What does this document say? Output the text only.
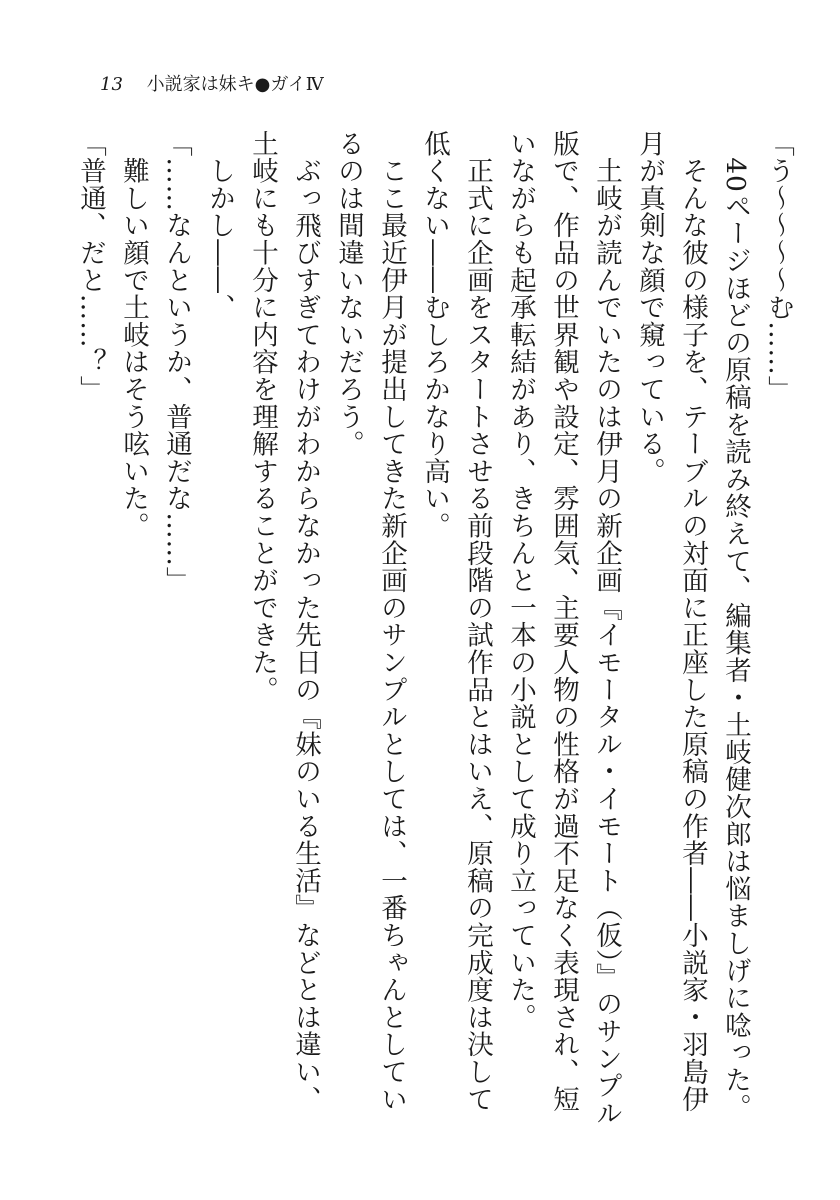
13 小説家は妹キ●ガイⅣ

「う〜〜〜〜む……」

　40ページほどの原稿を読み終えて、編集者・土岐健次郎は悩ましげに唸った。

　そんな彼の様子を、テーブルの対面に正座した原稿の作者――小説家・羽島伊月が真剣な顔で窺っている。

　土岐が読んでいたのは伊月の新企画『イモータル・イモート（仮）』のサンプル版で、作品の世界観や設定、雰囲気、主要人物の性格が過不足なく表現され、短いながらも起承転結があり、きちんと一本の小説として成り立っていた。

　正式に企画をスタートさせる前段階の試作品とはいえ、原稿の完成度は決して低くない――むしろかなり高い。

　ここ最近伊月が提出してきた新企画のサンプルとしては、一番ちゃんとしているのは間違いないだろう。

　ぶっ飛びすぎてわけがわからなかった先日の『妹のいる生活』などとは違い、土岐にも十分に内容を理解することができた。

　しかし――、

「……なんというか、普通だな……」

　難しい顔で土岐はそう呟いた。

「普通、だと……？」
